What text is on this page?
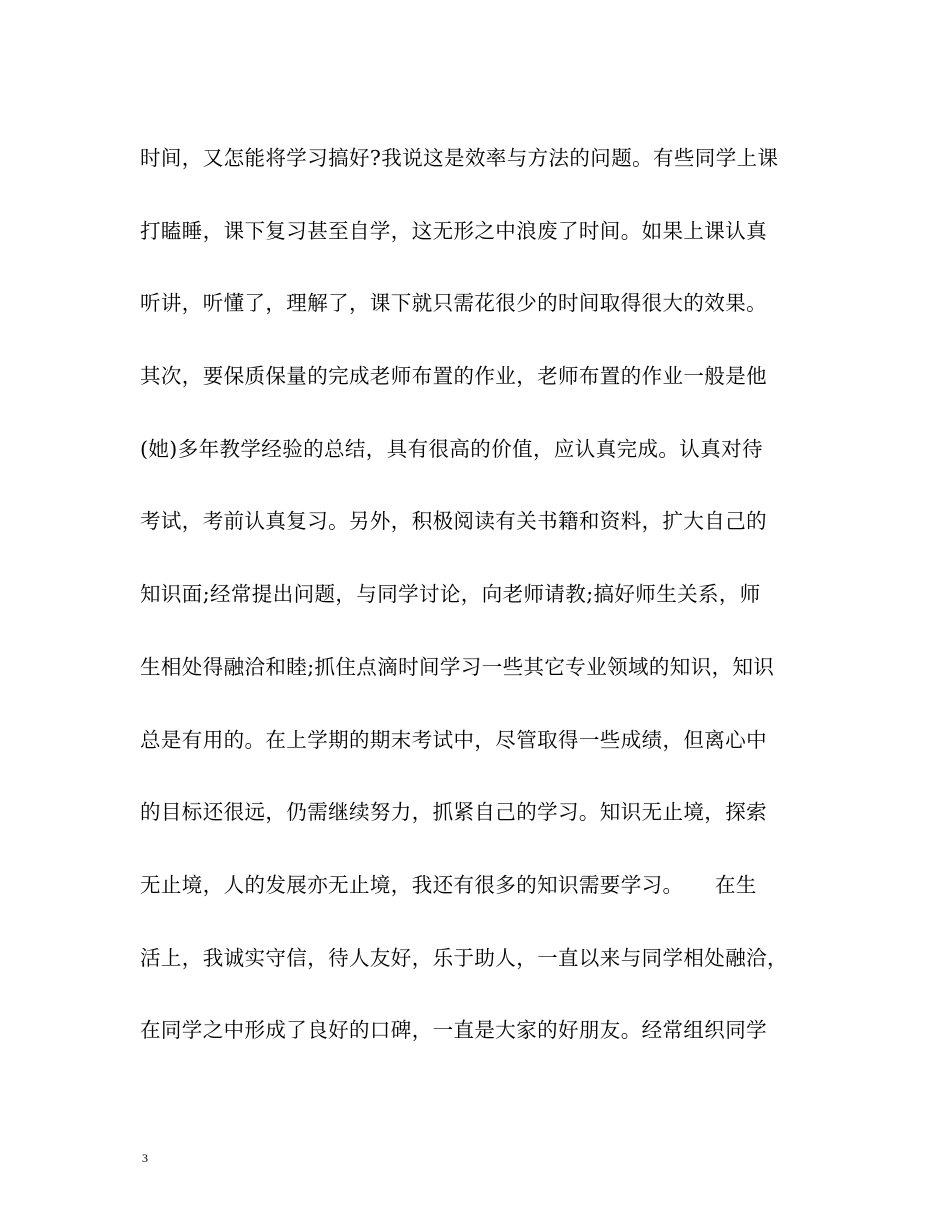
时间，又怎能将学习搞好?我说这是效率与方法的问题。有些同学上课
打瞌睡，课下复习甚至自学，这无形之中浪废了时间。如果上课认真
听讲，听懂了，理解了，课下就只需花很少的时间取得很大的效果。
其次，要保质保量的完成老师布置的作业，老师布置的作业一般是他
(她)多年教学经验的总结，具有很高的价值，应认真完成。认真对待
考试，考前认真复习。另外，积极阅读有关书籍和资料，扩大自己的
知识面;经常提出问题，与同学讨论，向老师请教;搞好师生关系，师
生相处得融洽和睦;抓住点滴时间学习一些其它专业领域的知识，知识
总是有用的。在上学期的期末考试中，尽管取得一些成绩，但离心中
的目标还很远，仍需继续努力，抓紧自己的学习。知识无止境，探索
无止境，人的发展亦无止境，我还有很多的知识需要学习。　　在生
活上，我诚实守信，待人友好，乐于助人，一直以来与同学相处融洽，
在同学之中形成了良好的口碑，一直是大家的好朋友。经常组织同学
3
